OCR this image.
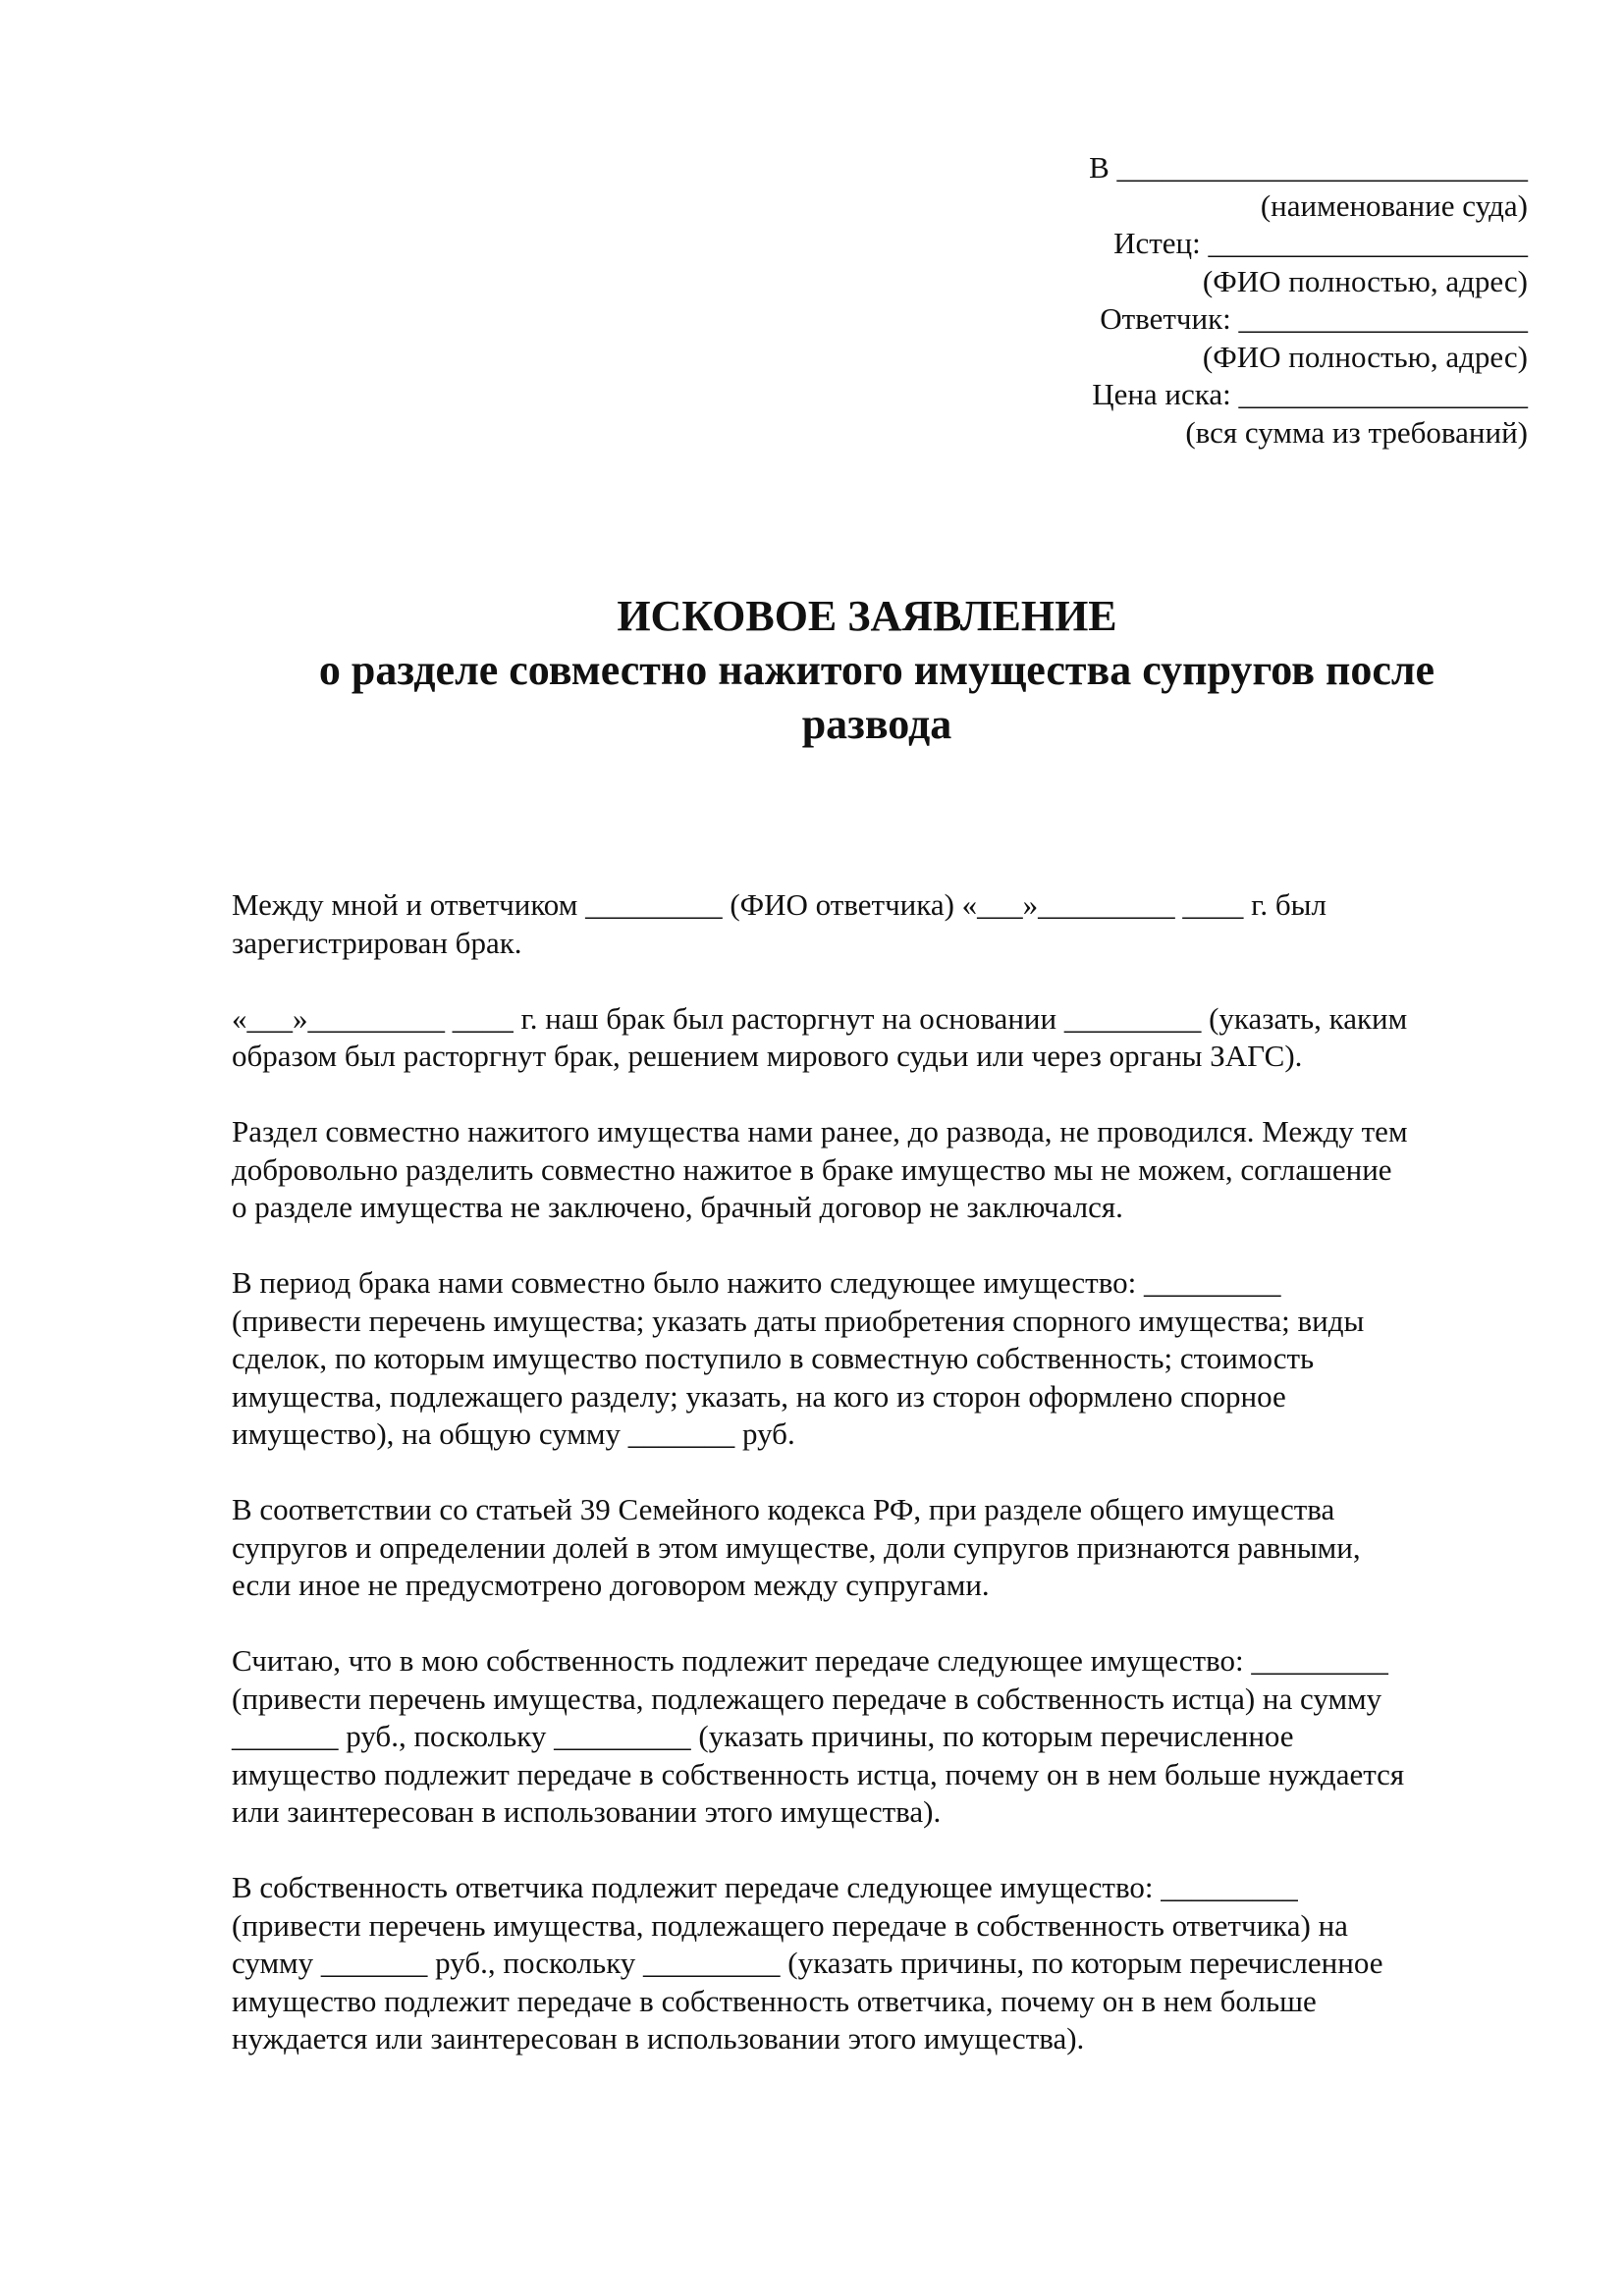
В ___________________________
(наименование суда)
Истец: _____________________
(ФИО полностью, адрес)
Ответчик: ___________________
(ФИО полностью, адрес)
Цена иска: ___________________
(вся сумма из требований)
ИСКОВОЕ ЗАЯВЛЕНИЕ
о разделе совместно нажитого имущества супругов после
развода

Между мной и ответчиком _________ (ФИО ответчика) «___»_________ ____ г. был
зарегистрирован брак.

«___»_________ ____ г. наш брак был расторгнут на основании _________ (указать, каким
образом был расторгнут брак, решением мирового судьи или через органы ЗАГС).

Раздел совместно нажитого имущества нами ранее, до развода, не проводился. Между тем
добровольно разделить совместно нажитое в браке имущество мы не можем, соглашение
о разделе имущества не заключено, брачный договор не заключался.

В период брака нами совместно было нажито следующее имущество: _________
(привести перечень имущества; указать даты приобретения спорного имущества; виды
сделок, по которым имущество поступило в совместную собственность; стоимость
имущества, подлежащего разделу; указать, на кого из сторон оформлено спорное
имущество), на общую сумму _______ руб.

В соответствии со статьей 39 Семейного кодекса РФ, при разделе общего имущества
супругов и определении долей в этом имуществе, доли супругов признаются равными,
если иное не предусмотрено договором между супругами.

Считаю, что в мою собственность подлежит передаче следующее имущество: _________
(привести перечень имущества, подлежащего передаче в собственность истца) на сумму
_______ руб., поскольку _________ (указать причины, по которым перечисленное
имущество подлежит передаче в собственность истца, почему он в нем больше нуждается
или заинтересован в использовании этого имущества).

В собственность ответчика подлежит передаче следующее имущество: _________
(привести перечень имущества, подлежащего передаче в собственность ответчика) на
сумму _______ руб., поскольку _________ (указать причины, по которым перечисленное
имущество подлежит передаче в собственность ответчика, почему он в нем больше
нуждается или заинтересован в использовании этого имущества).
